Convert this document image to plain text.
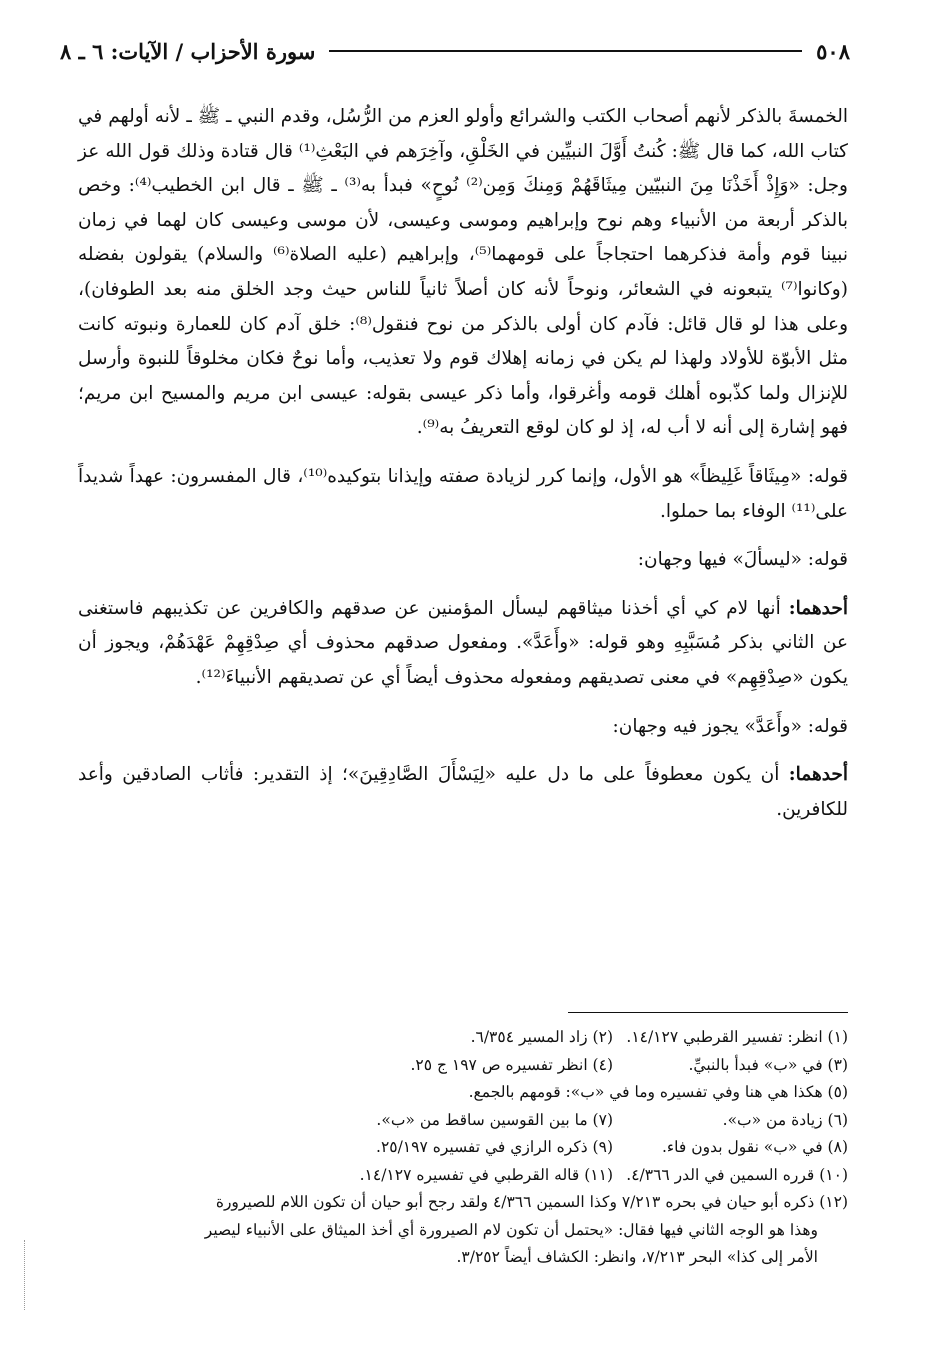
٥٠٨
سورة الأحزاب / الآيات: ٦ ـ ٨

الخمسةَ بالذكر لأنهم أصحاب الكتب والشرائع وأولو العزم من الرُّسُل، وقدم النبي ـ ﷺ ـ لأنه أولهم في كتاب الله، كما قال ﷺ: كُنتُ أَوَّلَ النبيِّين في الخَلْقِ، وآخِرَهم في البَعْثِ⁽¹⁾ قال قتادة وذلك قول الله عز وجل: «وَإِذْ أَخَذْنَا مِنَ النبيّين مِيثَاقَهُمْ وَمِنكَ وَمِن⁽²⁾ نُوحٍ» فبدأ به⁽³⁾ ـ ﷺ ـ قال ابن الخطيب⁽⁴⁾: وخص بالذكر أربعة من الأنبياء وهم نوح وإبراهيم وموسى وعيسى، لأن موسى وعيسى كان لهما في زمان نبينا قوم وأمة فذكرهما احتجاجاً على قومهما⁽⁵⁾، وإبراهيم (عليه الصلاة⁽⁶⁾ والسلام) يقولون بفضله (وكانوا⁽⁷⁾ يتبعونه في الشعائر، ونوحاً لأنه كان أصلاً ثانياً للناس حيث وجد الخلق منه بعد الطوفان)، وعلى هذا لو قال قائل: فآدم كان أولى بالذكر من نوح فنقول⁽⁸⁾: خلق آدم كان للعمارة ونبوته كانت مثل الأبوّة للأولاد ولهذا لم يكن في زمانه إهلاك قوم ولا تعذيب، وأما نوحٌ فكان مخلوقاً للنبوة وأرسل للإنزال ولما كذّبوه أهلك قومه وأغرقوا، وأما ذكر عيسى بقوله: عيسى ابن مريم والمسيح ابن مريم؛ فهو إشارة إلى أنه لا أب له، إذ لو كان لوقع التعريفُ به⁽⁹⁾.

قوله: «مِيثَاقاً غَلِيظاً» هو الأول، وإنما كرر لزيادة صفته وإيذانا بتوكيده⁽¹⁰⁾، قال المفسرون: عهداً شديداً على⁽¹¹⁾ الوفاء بما حملوا.

قوله: «ليسألَ» فيها وجهان:

أحدهما: أنها لام كي أي أخذنا ميثاقهم ليسأل المؤمنين عن صدقهم والكافرين عن تكذيبهم فاستغنى عن الثاني بذكر مُسَبَّبِهِ وهو قوله: «وأَعَدَّ». ومفعول صدقهم محذوف أي صِدْقِهِمْ عَهْدَهُمْ، ويجوز أن يكون «صِدْقِهِم» في معنى تصديقهم ومفعوله محذوف أيضاً أي عن تصديقهم الأنبياءَ⁽¹²⁾.

قوله: «وأَعَدَّ» يجوز فيه وجهان:

أحدهما: أن يكون معطوفاً على ما دل عليه «لِيَسْأَلَ الصَّادِقِينَ»؛ إذ التقدير: فأثاب الصادقين وأعد للكافرين.

(١) انظر: تفسير القرطبي ١٤/١٢٧.
(٢) زاد المسير ٦/٣٥٤.
(٣) في «ب» فبدأ بالنبيِّ.
(٤) انظر تفسيره ص ١٩٧ ج ٢٥.
(٥) هكذا هي هنا وفي تفسيره وما في «ب»: قومهم بالجمع.
(٦) زيادة من «ب».
(٧) ما بين القوسين ساقط من «ب».
(٨) في «ب» نقول بدون فاء.
(٩) ذكره الرازي في تفسيره ٢٥/١٩٧.
(١٠) قرره السمين في الدر ٤/٣٦٦.
(١١) قاله القرطبي في تفسيره ١٤/١٢٧.
(١٢) ذكره أبو حيان في بحره ٧/٢١٣ وكذا السمين ٤/٣٦٦ ولقد رجح أبو حيان أن تكون اللام للصيرورة
وهذا هو الوجه الثاني فيها فقال: «يحتمل أن تكون لام الصيرورة أي أخذ الميثاق على الأنبياء ليصير
الأمر إلى كذا» البحر ٧/٢١٣، وانظر: الكشاف أيضاً ٣/٢٥٢.
